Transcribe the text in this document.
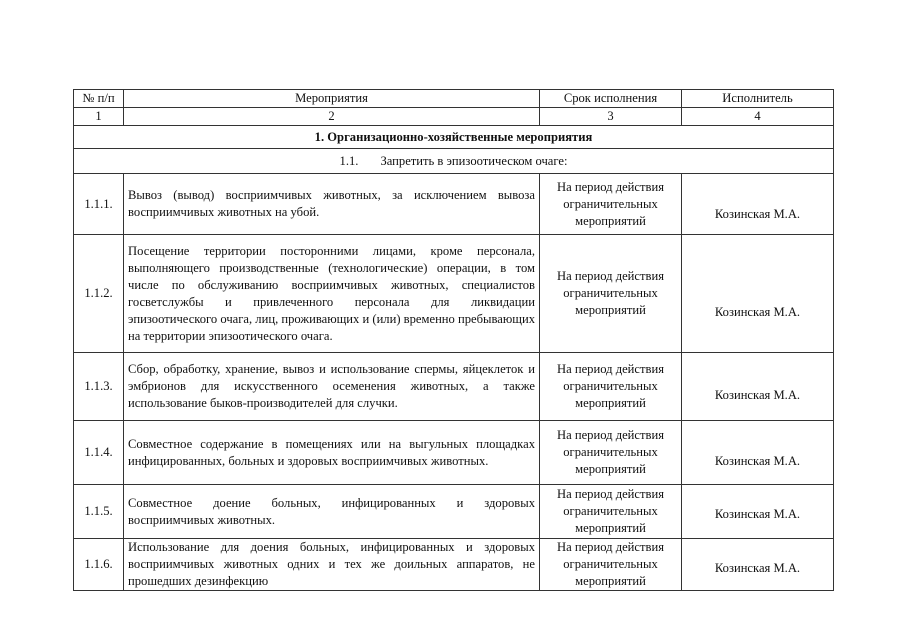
№ п/п	Мероприятия	Срок исполнения	Исполнитель
1	2	3	4
1. Организационно-хозяйственные мероприятия			
1.1. Запретить в эпизоотическом очаге:			
1.1.1.	Вывоз (вывод) восприимчивых животных, за исключением вывоза восприимчивых животных на убой.	На период действия ограничительных мероприятий	Козинская М.А.

1.1.2.	Посещение территории посторонними лицами, кроме персонала, выполняющего производственные (технологические) операции, в том числе по обслуживанию восприимчивых животных, специалистов госветслужбы и привлеченного персонала для ликвидации эпизоотического очага, лиц, проживающих и (или) временно пребывающих на территории эпизоотического очага.	На период действия ограничительных мероприятий	Козинская М.А.

1.1.3.	Сбор, обработку, хранение, вывоз и использование спермы, яйцеклеток и эмбрионов для искусственного осеменения животных, а также использование быков-производителей для случки.	На период действия ограничительных мероприятий	Козинская М.А.

1.1.4.	Совместное содержание в помещениях или на выгульных площадках инфицированных, больных и здоровых восприимчивых животных.	На период действия ограничительных мероприятий	Козинская М.А.

1.1.5.	Совместное доение больных, инфицированных и здоровых восприимчивых животных.	На период действия ограничительных мероприятий	Козинская М.А.

1.1.6.	Использование для доения больных, инфицированных и здоровых восприимчивых животных одних и тех же доильных аппаратов, не прошедших дезинфекцию	На период действия ограничительных мероприятий	Козинская М.А.
